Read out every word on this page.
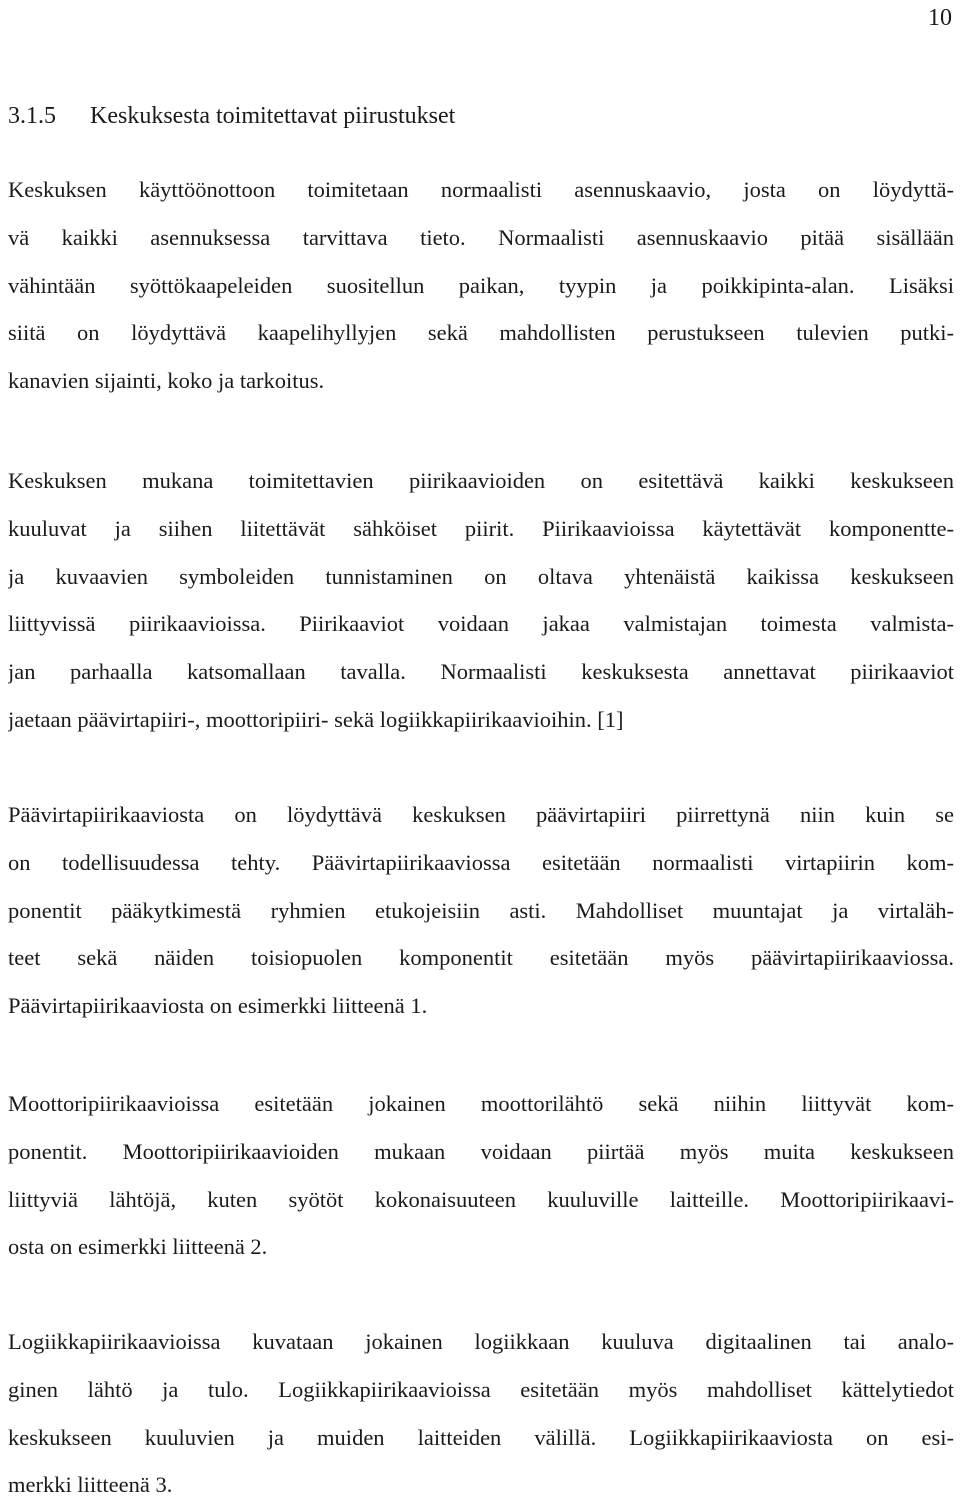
10
3.1.5 Keskuksesta toimitettavat piirustukset
Keskuksen käyttöönottoon toimitetaan normaalisti asennuskaavio, josta on löydyttä-
vä kaikki asennuksessa tarvittava tieto. Normaalisti asennuskaavio pitää sisällään
vähintään syöttökaapeleiden suositellun paikan, tyypin ja poikkipinta-alan. Lisäksi
siitä on löydyttävä kaapelihyllyjen sekä mahdollisten perustukseen tulevien putki-
kanavien sijainti, koko ja tarkoitus.
Keskuksen mukana toimitettavien piirikaavioiden on esitettävä kaikki keskukseen
kuuluvat ja siihen liitettävät sähköiset piirit. Piirikaavioissa käytettävät komponentte-
ja kuvaavien symboleiden tunnistaminen on oltava yhtenäistä kaikissa keskukseen
liittyvissä piirikaavioissa. Piirikaaviot voidaan jakaa valmistajan toimesta valmista-
jan parhaalla katsomallaan tavalla. Normaalisti keskuksesta annettavat piirikaaviot
jaetaan päävirtapiiri-, moottoripiiri- sekä logiikkapiirikaavioihin. [1]
Päävirtapiirikaaviosta on löydyttävä keskuksen päävirtapiiri piirrettynä niin kuin se
on todellisuudessa tehty. Päävirtapiirikaaviossa esitetään normaalisti virtapiirin kom-
ponentit pääkytkimestä ryhmien etukojeisiin asti. Mahdolliset muuntajat ja virtaläh-
teet sekä näiden toisiopuolen komponentit esitetään myös päävirtapiirikaaviossa.
Päävirtapiirikaaviosta on esimerkki liitteenä 1.
Moottoripiirikaavioissa esitetään jokainen moottorilähtö sekä niihin liittyvät kom-
ponentit. Moottoripiirikaavioiden mukaan voidaan piirtää myös muita keskukseen
liittyviä lähtöjä, kuten syötöt kokonaisuuteen kuuluville laitteille. Moottoripiirikaavi-
osta on esimerkki liitteenä 2.
Logiikkapiirikaavioissa kuvataan jokainen logiikkaan kuuluva digitaalinen tai analo-
ginen lähtö ja tulo. Logiikkapiirikaavioissa esitetään myös mahdolliset kättelytiedot
keskukseen kuuluvien ja muiden laitteiden välillä. Logiikkapiirikaaviosta on esi-
merkki liitteenä 3.
